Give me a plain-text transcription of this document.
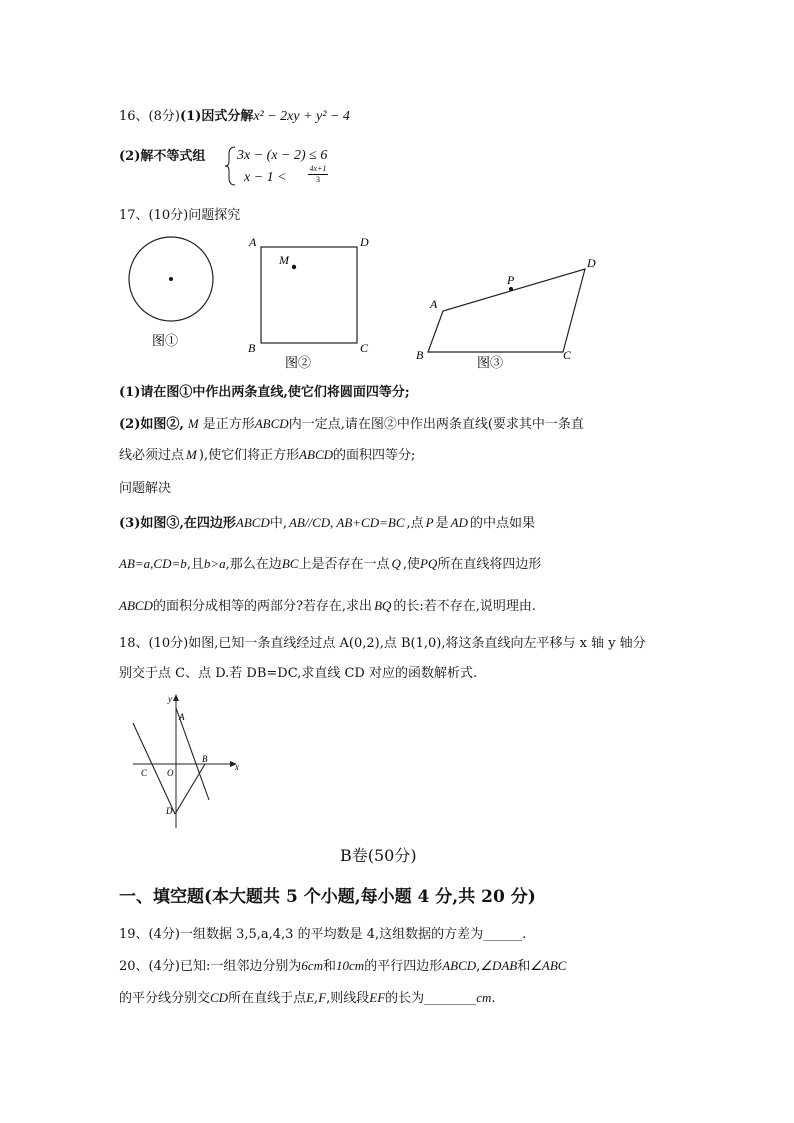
16、(8分)(1)因式分解x² − 2xy + y² − 4
(2)解不等式组 3x − (x − 2) ≤ 6
x − 1 <
4x+1
3
17、(10分)问题探究
图①
A	D
B	C
M
图②
A
B	C
D
P
图③
(1)请在图①中作出两条直线,使它们将圆面四等分;
(2)如图②, M 是正方形ABCD内一定点,请在图②中作出两条直线(要求其中一条直
线必须过点 M ),使它们将正方形ABCD的面积四等分;
问题解决
(3)如图③,在四边形ABCD中, AB//CD, AB+CD=BC ,点 P 是 AD 的中点如果
AB=a,CD=b,且b>a,那么在边BC上是否存在一点 Q ,使PQ所在直线将四边形
ABCD的面积分成相等的两部分?若存在,求出 BQ 的长:若不存在,说明理由.
18、(10分)如图,已知一条直线经过点 A(0,2),点 B(1,0),将这条直线向左平移与 x 轴 y 轴分
别交于点 C、点 D.若 DB=DC,求直线 CD 对应的函数解析式.
y
x
A
B
C O
D
B卷(50分)
一、填空题(本大题共 5 个小题,每小题 4 分,共 20 分)
19、(4分)一组数据 3,5,a,4,3 的平均数是 4,这组数据的方差为______.
20、(4分)已知:一组邻边分别为6cm和10cm的平行四边形ABCD,∠DAB和∠ABC
的平分线分别交CD所在直线于点E,F,则线段EF的长为________cm.
